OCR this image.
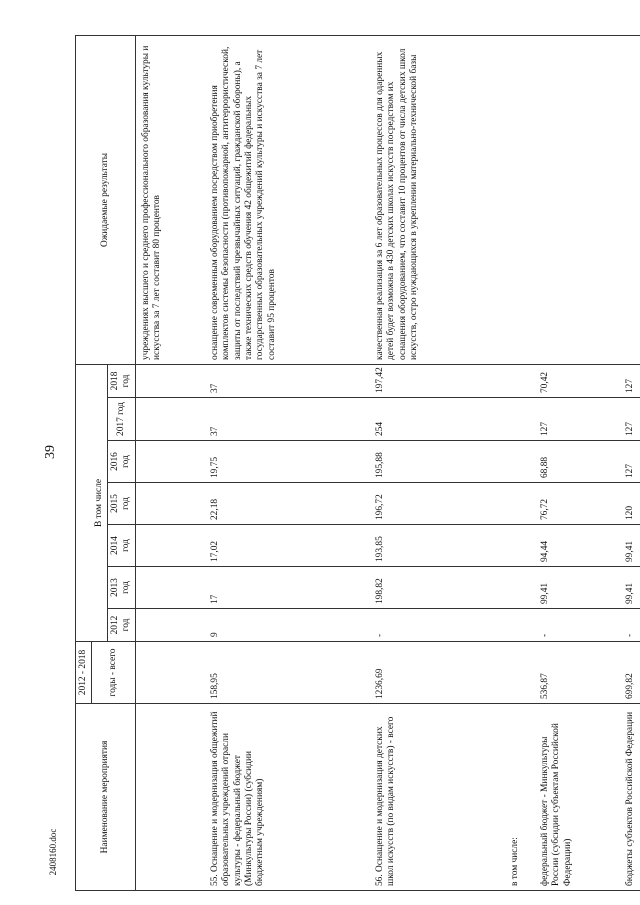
39
Наименование мероприятия	2012 - 2018								Ожидаемые результаты
	годы - всего	В том числе							
		2012 год	2013 год	2014 год	2015 год	2016 год	2017 год	2018 год	
									учреждениях высшего и среднего профессионального образования культуры и искусства за 7 лет составит 80 процентов
55. Оснащение и модернизация общежитий образовательных учреждений отрасли культуры - федеральный бюджет (Минкультуры России) (субсидии бюджетным учреждениям)	158,95	9	17	17,02	22,18	19,75	37	37	оснащение современным оборудованием посредством приобретения комплектов системы безопасности (противопожарной, антитеррористической, защиты от последствий чрезвычайных ситуаций, гражданской обороны), а также технических средств обучения 42 общежитий федеральных государственных образовательных учреждений культуры и искусства за 7 лет составит 95 процентов
56. Оснащение и модернизация детских школ искусств (по видам искусств) - всего	1236,69	-	198,82	193,85	196,72	195,88	254	197,42	качественная реализация за 6 лет образовательных процессов для одаренных детей будет возможна в 430 детских школах искусств посредством их оснащения оборудованием, что составит 10 процентов от числа детских школ искусств, остро нуждающихся в укреплении материально-технической базы
в том числе:									
федеральный бюджет - Минкультуры России (субсидии субъектам Российской Федерации)	536,87	-	99,41	94,44	76,72	68,88	127	70,42	
бюджеты субъектов Российской Федерации	699,82	-	99,41	99,41	120	127	127	127	
2408160.doc
